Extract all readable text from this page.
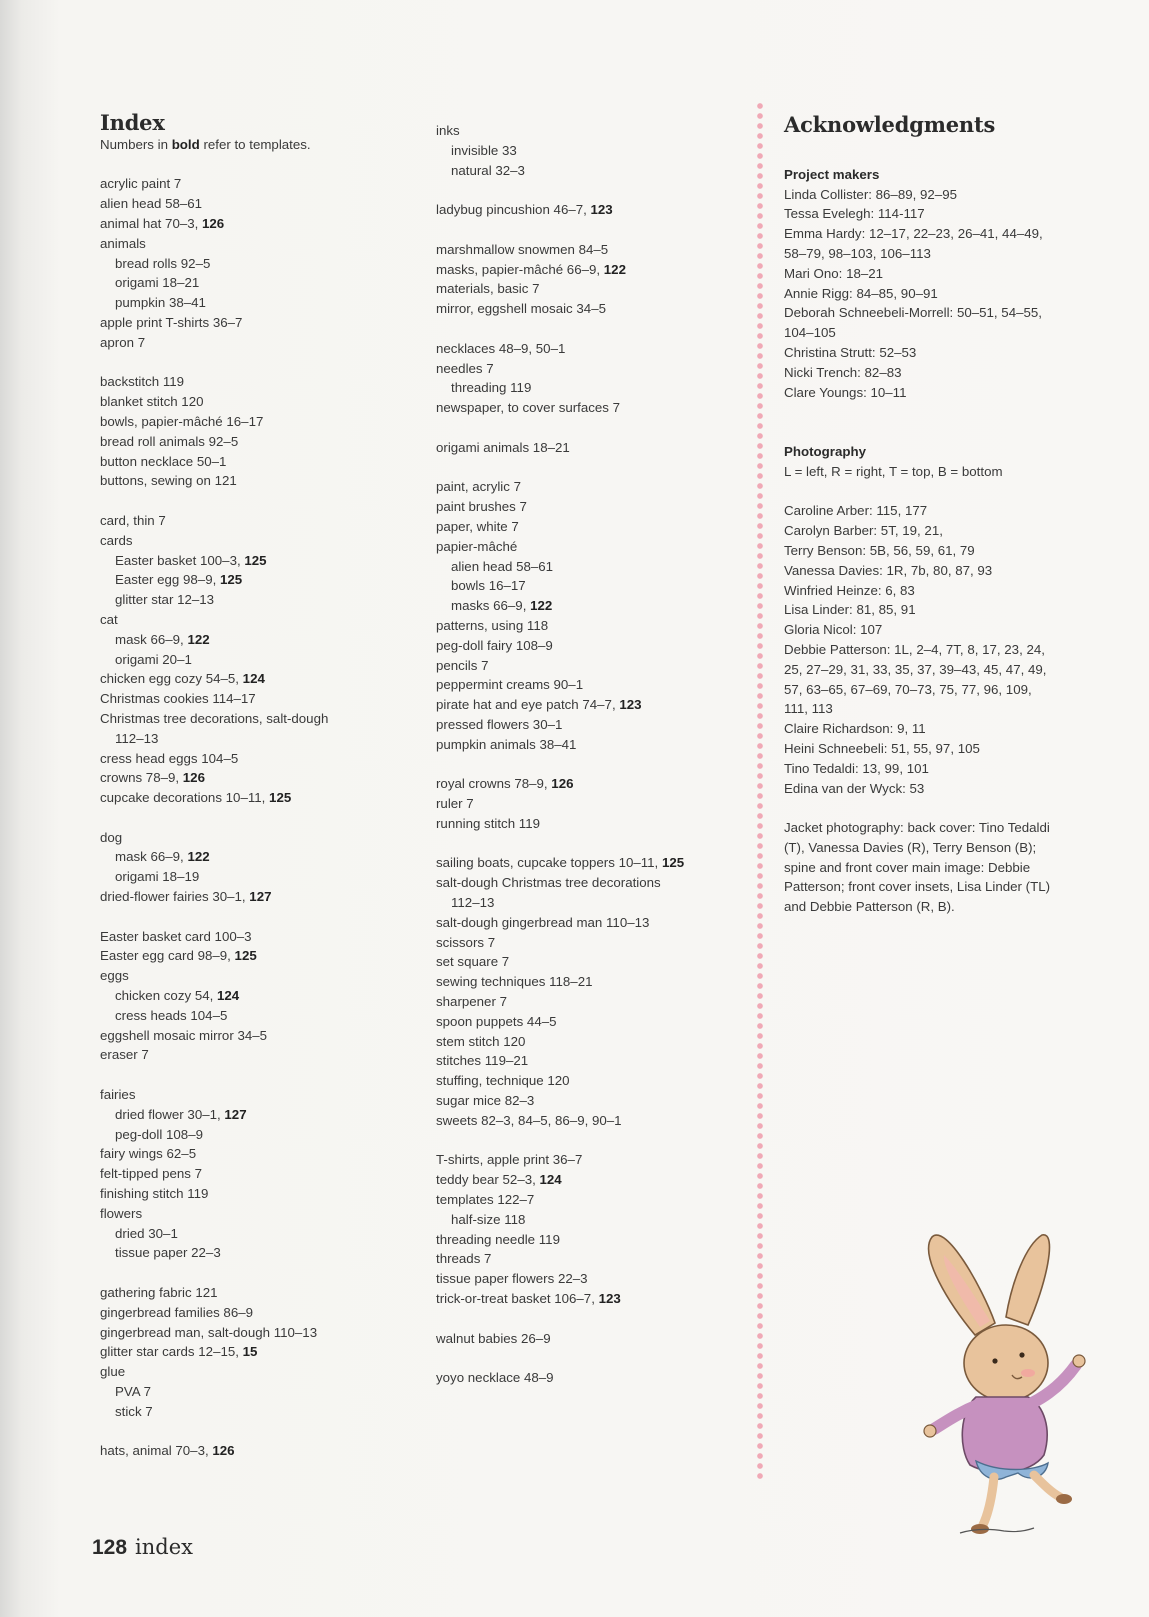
Index
Numbers in bold refer to templates.
acrylic paint 7
alien head 58–61
animal hat 70–3, 126
animals
bread rolls 92–5
origami 18–21
pumpkin 38–41
apple print T-shirts 36–7
apron 7
backstitch 119
blanket stitch 120
bowls, papier-mâché 16–17
bread roll animals 92–5
button necklace 50–1
buttons, sewing on 121
card, thin 7
cards
Easter basket 100–3, 125
Easter egg 98–9, 125
glitter star 12–13
cat
mask 66–9, 122
origami 20–1
chicken egg cozy 54–5, 124
Christmas cookies 114–17
Christmas tree decorations, salt-dough
112–13
cress head eggs 104–5
crowns 78–9, 126
cupcake decorations 10–11, 125
dog
mask 66–9, 122
origami 18–19
dried-flower fairies 30–1, 127
Easter basket card 100–3
Easter egg card 98–9, 125
eggs
chicken cozy 54, 124
cress heads 104–5
eggshell mosaic mirror 34–5
eraser 7
fairies
dried flower 30–1, 127
peg-doll 108–9
fairy wings 62–5
felt-tipped pens 7
finishing stitch 119
flowers
dried 30–1
tissue paper 22–3
gathering fabric 121
gingerbread families 86–9
gingerbread man, salt-dough 110–13
glitter star cards 12–15, 15
glue
PVA 7
stick 7
hats, animal 70–3, 126
inks
invisible 33
natural 32–3
ladybug pincushion 46–7, 123
marshmallow snowmen 84–5
masks, papier-mâché 66–9, 122
materials, basic 7
mirror, eggshell mosaic 34–5
necklaces 48–9, 50–1
needles 7
threading 119
newspaper, to cover surfaces 7
origami animals 18–21
paint, acrylic 7
paint brushes 7
paper, white 7
papier-mâché
alien head 58–61
bowls 16–17
masks 66–9, 122
patterns, using 118
peg-doll fairy 108–9
pencils 7
peppermint creams 90–1
pirate hat and eye patch 74–7, 123
pressed flowers 30–1
pumpkin animals 38–41
royal crowns 78–9, 126
ruler 7
running stitch 119
sailing boats, cupcake toppers 10–11, 125
salt-dough Christmas tree decorations
112–13
salt-dough gingerbread man 110–13
scissors 7
set square 7
sewing techniques 118–21
sharpener 7
spoon puppets 44–5
stem stitch 120
stitches 119–21
stuffing, technique 120
sugar mice 82–3
sweets 82–3, 84–5, 86–9, 90–1
T-shirts, apple print 36–7
teddy bear 52–3, 124
templates 122–7
half-size 118
threading needle 119
threads 7
tissue paper flowers 22–3
trick-or-treat basket 106–7, 123
walnut babies 26–9
yoyo necklace 48–9
Acknowledgments
Project makers
Linda Collister: 86–89, 92–95
Tessa Evelegh: 114-117
Emma Hardy: 12–17, 22–23, 26–41, 44–49,
58–79, 98–103, 106–113
Mari Ono: 18–21
Annie Rigg: 84–85, 90–91
Deborah Schneebeli-Morrell: 50–51, 54–55,
104–105
Christina Strutt: 52–53
Nicki Trench: 82–83
Clare Youngs: 10–11
Photography
L = left, R = right, T = top, B = bottom
Caroline Arber: 115, 177
Carolyn Barber: 5T, 19, 21,
Terry Benson: 5B, 56, 59, 61, 79
Vanessa Davies: 1R, 7b, 80, 87, 93
Winfried Heinze: 6, 83
Lisa Linder: 81, 85, 91
Gloria Nicol: 107
Debbie Patterson: 1L, 2–4, 7T, 8, 17, 23, 24,
25, 27–29, 31, 33, 35, 37, 39–43, 45, 47, 49,
57, 63–65, 67–69, 70–73, 75, 77, 96, 109,
111, 113
Claire Richardson: 9, 11
Heini Schneebeli: 51, 55, 97, 105
Tino Tedaldi: 13, 99, 101
Edina van der Wyck: 53
Jacket photography: back cover: Tino Tedaldi
(T), Vanessa Davies (R), Terry Benson (B);
spine and front cover main image: Debbie
Patterson; front cover insets, Lisa Linder (TL)
and Debbie Patterson (R, B).
128 index
